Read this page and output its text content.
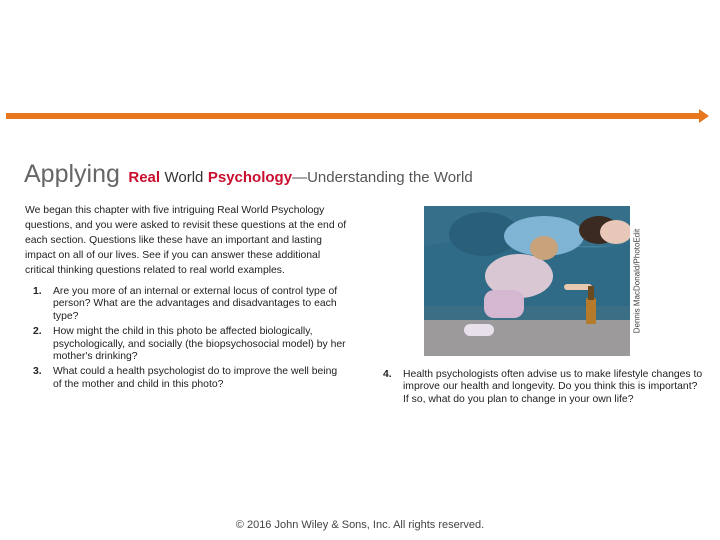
Applying Real World Psychology—Understanding the World

We began this chapter with five intriguing Real World Psychology questions, and you were asked to revisit these questions at the end of each section. Questions like these have an important and lasting impact on all of our lives. See if you can answer these additional critical thinking questions related to real world examples.

1.	Are you more of an internal or external locus of control type of person? What are the advantages and disadvantages to each type?
2.	How might the child in this photo be affected biologically, psychologically, and socially (the biopsychosocial model) by her mother's drinking?
3.	What could a health psychologist do to improve the well being of the mother and child in this photo?
Dennis MacDonald/PhotoEdit
4.	Health psychologists often advise us to make lifestyle changes to improve our health and longevity. Do you think this is important? If so, what do you plan to change in your own life?
© 2016 John Wiley & Sons, Inc. All rights reserved.
